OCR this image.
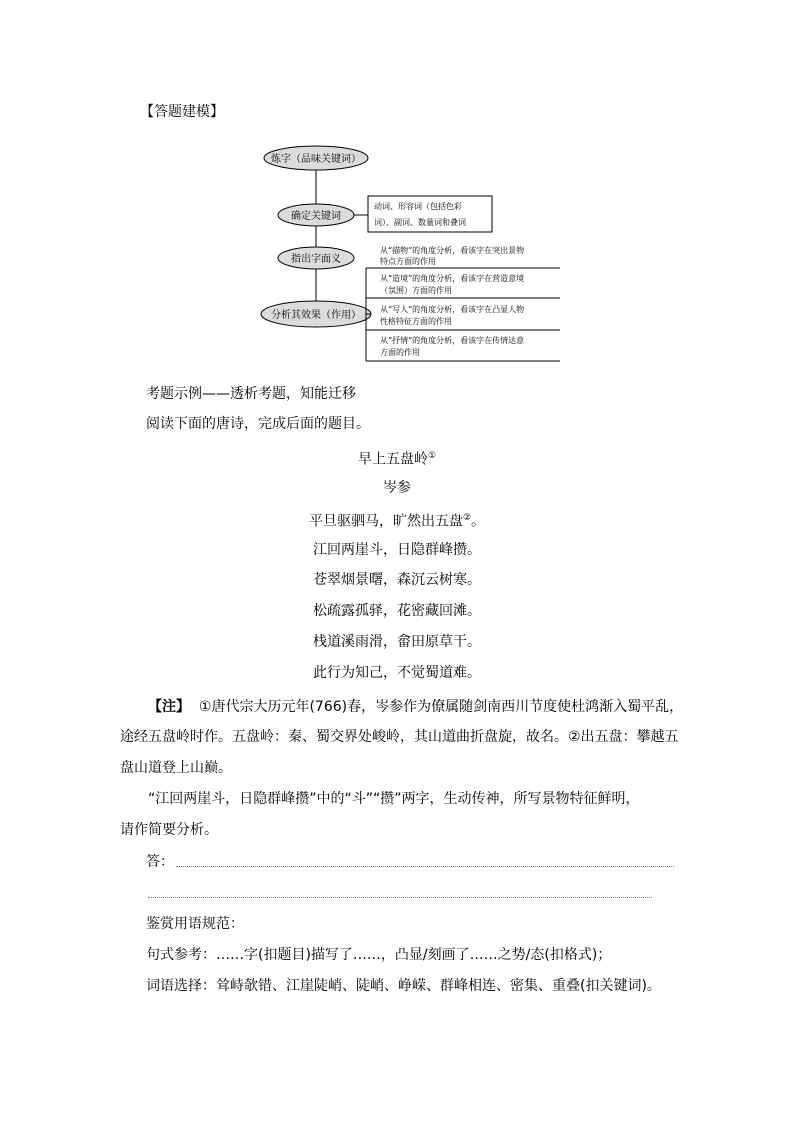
【答题建模】
炼字（品味关键词）
确定关键词
指出字面义
分析其效果（作用）
动词、形容词（包括色彩
词）、副词、数量词和叠词
从“描物”的角度分析，看该字在突出景物
特点方面的作用
从“造境”的角度分析，看该字在营造意境
（氛围）方面的作用
从“写人”的角度分析，看该字在凸显人物
性格特征方面的作用
从“抒情”的角度分析，看该字在传情达意
方面的作用
考题示例——透析考题，知能迁移
阅读下面的唐诗，完成后面的题目。
早上五盘岭①
岑参
平旦驱驷马，旷然出五盘②。
江回两崖斗，日隐群峰攒。
苍翠烟景曙，森沉云树寒。
松疏露孤驿，花密藏回滩。
栈道溪雨滑，畲田原草干。
此行为知己，不觉蜀道难。
【注】 ①唐代宗大历元年(766)春，岑参作为僚属随剑南西川节度使杜鸿渐入蜀平乱，
途经五盘岭时作。五盘岭：秦、蜀交界处峻岭，其山道曲折盘旋，故名。②出五盘：攀越五
盘山道登上山巅。
“江回两崖斗，日隐群峰攒”中的“斗”“攒”两字，生动传神，所写景物特征鲜明，
请作简要分析。
答：
鉴赏用语规范：
句式参考：……字(扣题目)描写了……，凸显/刻画了……之势/态(扣格式)；
词语选择：耸峙欹错、江崖陡峭、陡峭、峥嵘、群峰相连、密集、重叠(扣关键词)。
